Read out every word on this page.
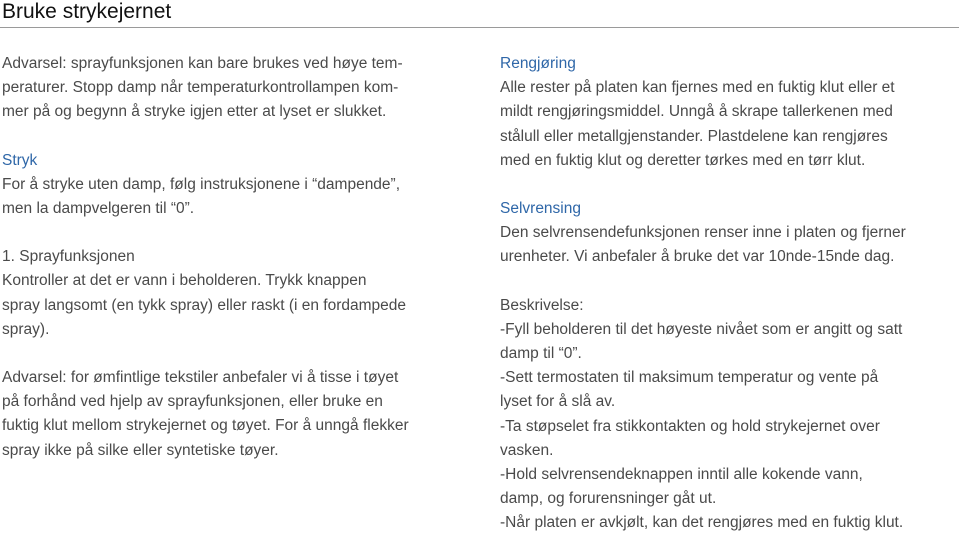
Bruke strykejernet

Advarsel: sprayfunksjonen kan bare brukes ved høye tem-

peraturer. Stopp damp når temperaturkontrollampen kom-

mer på og begynn å stryke igjen etter at lyset er slukket.

Stryk

For å stryke uten damp, følg instruksjonene i “dampende”,

men la dampvelgeren til “0”.

1. Sprayfunksjonen

Kontroller at det er vann i beholderen. Trykk knappen

spray langsomt (en tykk spray) eller raskt (i en fordampede

spray).

Advarsel: for ømfintlige tekstiler anbefaler vi å tisse i tøyet

på forhånd ved hjelp av sprayfunksjonen, eller bruke en

fuktig klut mellom strykejernet og tøyet. For å unngå flekker

spray ikke på silke eller syntetiske tøyer.

Rengjøring

Alle rester på platen kan fjernes med en fuktig klut eller et

mildt rengjøringsmiddel. Unngå å skrape tallerkenen med

stålull eller metallgjenstander. Plastdelene kan rengjøres

med en fuktig klut og deretter tørkes med en tørr klut.

Selvrensing

Den selvrensendefunksjonen renser inne i platen og fjerner

urenheter. Vi anbefaler å bruke det var 10nde-15nde dag.

Beskrivelse:

-Fyll beholderen til det høyeste nivået som er angitt og satt

damp til “0”.

-Sett termostaten til maksimum temperatur og vente på

lyset for å slå av.

-Ta støpselet fra stikkontakten og hold strykejernet over

vasken.

-Hold selvrensendeknappen inntil alle kokende vann,

damp, og forurensninger gåt ut.

-Når platen er avkjølt, kan det rengjøres med en fuktig klut.
